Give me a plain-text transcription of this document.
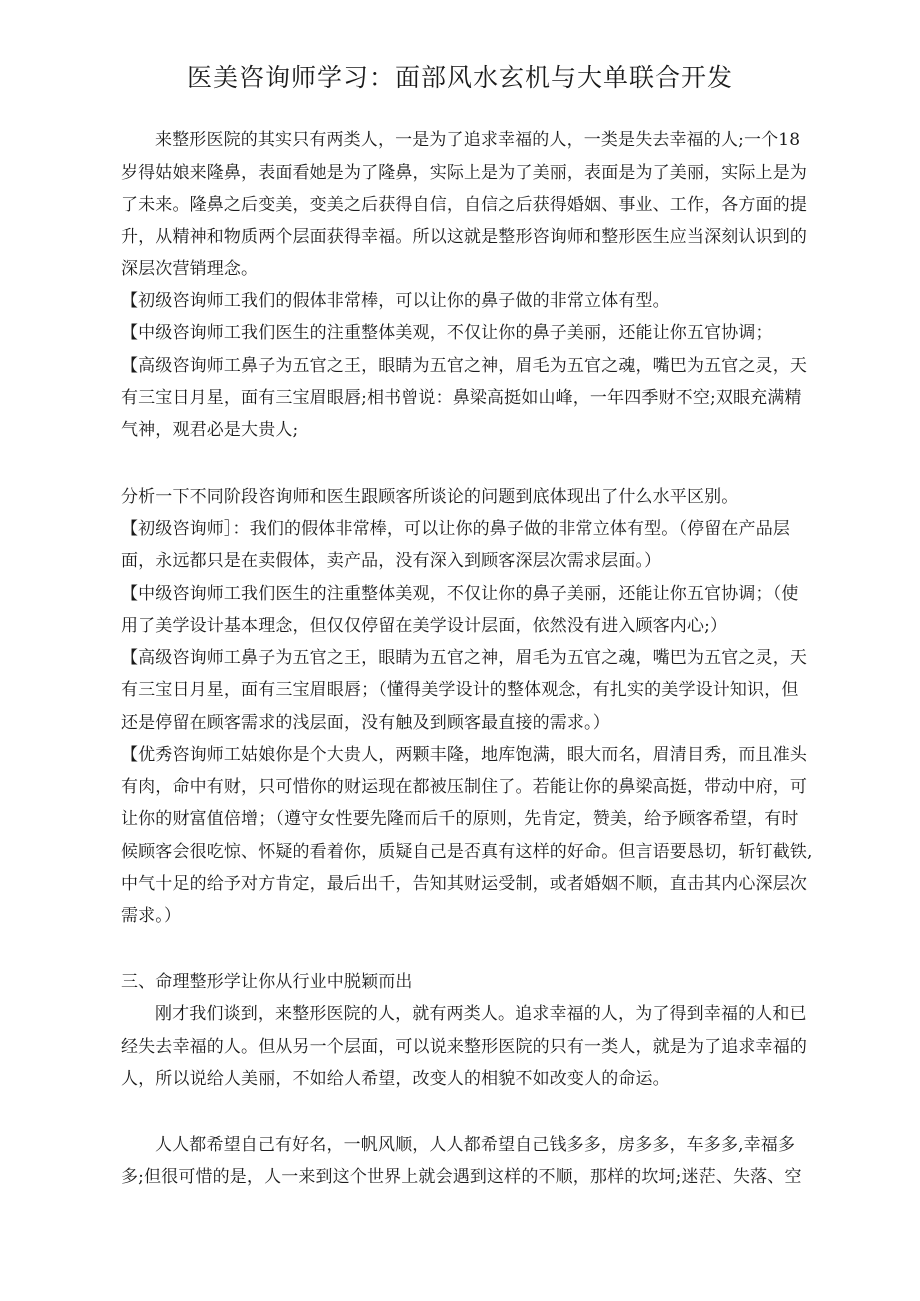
医美咨询师学习：面部风水玄机与大单联合开发
来整形医院的其实只有两类人，一是为了追求幸福的人，一类是失去幸福的人;一个18
岁得姑娘来隆鼻，表面看她是为了隆鼻，实际上是为了美丽，表面是为了美丽，实际上是为
了未来。隆鼻之后变美，变美之后获得自信，自信之后获得婚姻、事业、工作，各方面的提
升，从精神和物质两个层面获得幸福。所以这就是整形咨询师和整形医生应当深刻认识到的
深层次营销理念。
【初级咨询师工我们的假体非常棒，可以让你的鼻子做的非常立体有型。
【中级咨询师工我们医生的注重整体美观，不仅让你的鼻子美丽，还能让你五官协调；
【高级咨询师工鼻子为五官之王，眼睛为五官之神，眉毛为五官之魂，嘴巴为五官之灵，天
有三宝日月星，面有三宝眉眼唇;相书曾说：鼻梁高挺如山峰，一年四季财不空;双眼充满精
气神，观君必是大贵人;
分析一下不同阶段咨询师和医生跟顾客所谈论的问题到底体现出了什么水平区别。
【初级咨询师］：我们的假体非常棒，可以让你的鼻子做的非常立体有型。（停留在产品层
面，永远都只是在卖假体，卖产品，没有深入到顾客深层次需求层面。）
【中级咨询师工我们医生的注重整体美观，不仅让你的鼻子美丽，还能让你五官协调；（使
用了美学设计基本理念，但仅仅停留在美学设计层面，依然没有进入顾客内心;）
【高级咨询师工鼻子为五官之王，眼睛为五官之神，眉毛为五官之魂，嘴巴为五官之灵，天
有三宝日月星，面有三宝眉眼唇；（懂得美学设计的整体观念，有扎实的美学设计知识，但
还是停留在顾客需求的浅层面，没有触及到顾客最直接的需求。）
【优秀咨询师工姑娘你是个大贵人，两颗丰隆，地库饱满，眼大而名，眉清目秀，而且准头
有肉，命中有财，只可惜你的财运现在都被压制住了。若能让你的鼻梁高挺，带动中府，可
让你的财富值倍增；（遵守女性要先隆而后千的原则，先肯定，赞美，给予顾客希望，有时
候顾客会很吃惊、怀疑的看着你，质疑自己是否真有这样的好命。但言语要恳切，斩钉截铁,
中气十足的给予对方肯定，最后出千，告知其财运受制，或者婚姻不顺，直击其内心深层次
需求。）
三、命理整形学让你从行业中脱颖而出
刚才我们谈到，来整形医院的人，就有两类人。追求幸福的人，为了得到幸福的人和已
经失去幸福的人。但从另一个层面，可以说来整形医院的只有一类人，就是为了追求幸福的
人，所以说给人美丽，不如给人希望，改变人的相貌不如改变人的命运。
人人都希望自己有好名，一帆风顺，人人都希望自己钱多多，房多多，车多多,幸福多
多;但很可惜的是，人一来到这个世界上就会遇到这样的不顺，那样的坎坷;迷茫、失落、空
